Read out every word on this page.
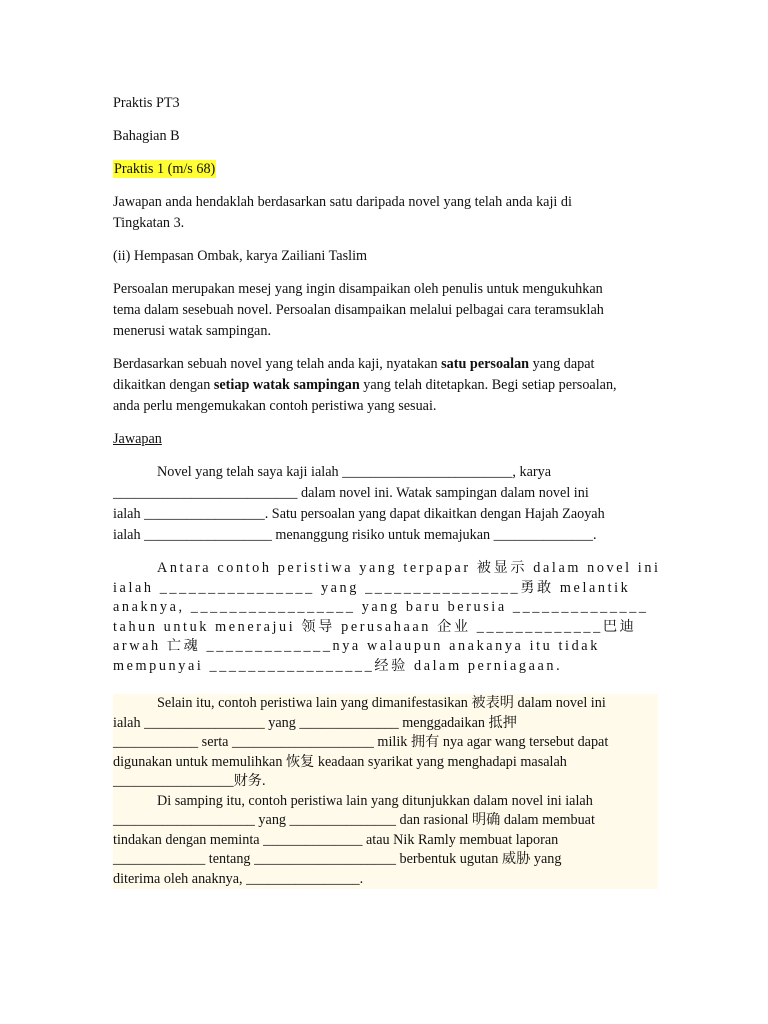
Praktis PT3

Bahagian B

Praktis 1 (m/s 68)

Jawapan anda hendaklah berdasarkan satu daripada novel yang telah anda kaji di
Tingkatan 3.

(ii) Hempasan Ombak, karya Zailiani Taslim

Persoalan merupakan mesej yang ingin disampaikan oleh penulis untuk mengukuhkan
tema dalam sesebuah novel. Persoalan disampaikan melalui pelbagai cara teramsuklah
menerusi watak sampingan.
Berdasarkan sebuah novel yang telah anda kaji, nyatakan satu persoalan yang dapat
dikaitkan dengan setiap watak sampingan yang telah ditetapkan. Begi setiap persoalan,
anda perlu mengemukakan contoh peristiwa yang sesuai.

Jawapan

Novel yang telah saya kaji ialah ________________________, karya
__________________________ dalam novel ini. Watak sampingan dalam novel ini
ialah _________________. Satu persoalan yang dapat dikaitkan dengan Hajah Zaoyah
ialah __________________ menanggung risiko untuk memajukan ______________.
Antara contoh peristiwa yang terpapar 被显示 dalam novel ini
ialah ________________ yang ________________勇敢 melantik
anaknya, _________________ yang baru berusia ______________
tahun untuk menerajui 领导 perusahaan 企业 _____________巴迪
arwah 亡魂 _____________nya walaupun anakanya itu tidak
mempunyai _________________经验 dalam perniagaan.
Selain itu, contoh peristiwa lain yang dimanifestasikan 被表明 dalam novel ini
ialah _________________ yang ______________ menggadaikan 抵押
____________ serta ____________________ milik 拥有 nya agar wang tersebut dapat
digunakan untuk memulihkan 恢复 keadaan syarikat yang menghadapi masalah
_________________财务.
Di samping itu, contoh peristiwa lain yang ditunjukkan dalam novel ini ialah
____________________ yang _______________ dan rasional 明确 dalam membuat
tindakan dengan meminta ______________ atau Nik Ramly membuat laporan
_____________ tentang ____________________ berbentuk ugutan 威胁 yang
diterima oleh anaknya, ________________.
